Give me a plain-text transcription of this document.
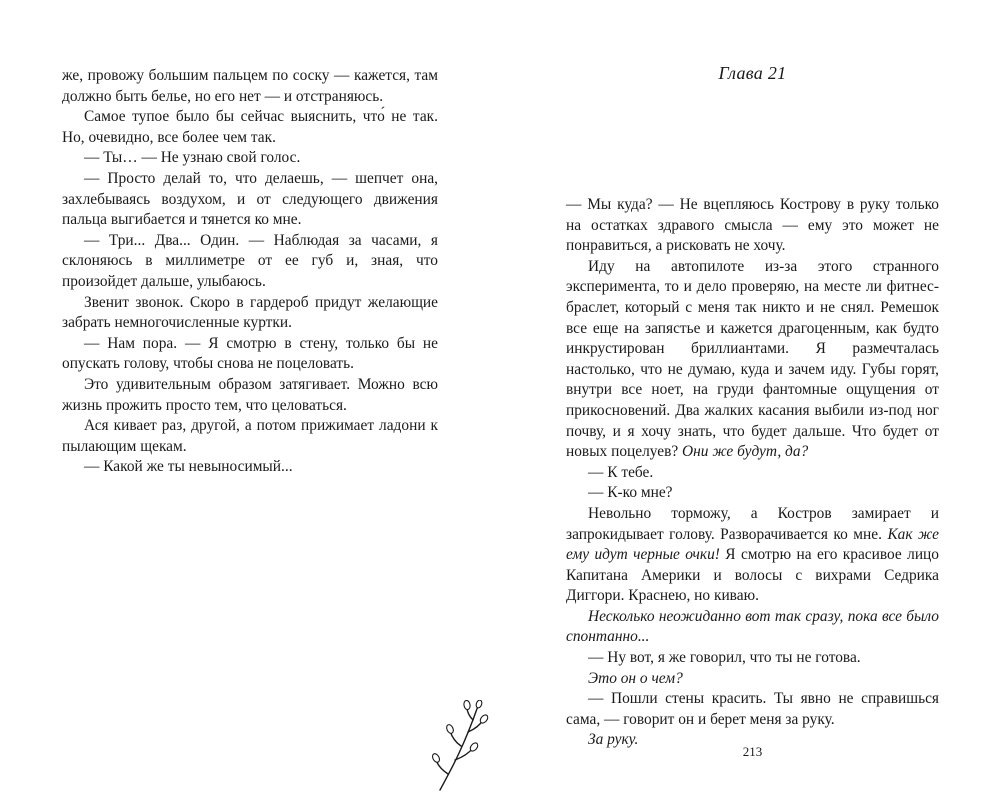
же, провожу большим пальцем по соску — кажется, там должно быть белье, но его нет — и отстраняюсь.

Самое тупое было бы сейчас выяснить, что́ не так. Но, очевидно, все более чем так.

— Ты… — Не узнаю свой голос.

— Просто делай то, что делаешь, — шепчет она, захлебываясь воздухом, и от следующего движения пальца выгибается и тянется ко мне.

— Три... Два... Один. — Наблюдая за часами, я склоняюсь в миллиметре от ее губ и, зная, что произойдет дальше, улыбаюсь.

Звенит звонок. Скоро в гардероб придут желающие забрать немногочисленные куртки.

— Нам пора. — Я смотрю в стену, только бы не опускать голову, чтобы снова не поцеловать.

Это удивительным образом затягивает. Можно всю жизнь прожить просто тем, что целоваться.

Ася кивает раз, другой, а потом прижимает ладони к пылающим щекам.

— Какой же ты невыносимый...

Глава 21

— Мы куда? — Не вцепляюсь Кострову в руку только на остатках здравого смысла — ему это может не понравиться, а рисковать не хочу.

Иду на автопилоте из-за этого странного эксперимента, то и дело проверяю, на месте ли фитнес-браслет, который с меня так никто и не снял. Ремешок все еще на запястье и кажется драгоценным, как будто инкрустирован бриллиантами. Я размечталась настолько, что не думаю, куда и зачем иду. Губы горят, внутри все ноет, на груди фантомные ощущения от прикосновений. Два жалких касания выбили из-под ног почву, и я хочу знать, что будет дальше. Что будет от новых поцелуев? Они же будут, да?

— К тебе.

— К-ко мне?

Невольно торможу, а Костров замирает и запрокидывает голову. Разворачивается ко мне. Как же ему идут черные очки! Я смотрю на его красивое лицо Капитана Америки и волосы с вихрами Седрика Диггори. Краснею, но киваю.

Несколько неожиданно вот так сразу, пока все было спонтанно...

— Ну вот, я же говорил, что ты не готова.

Это он о чем?

— Пошли стены красить. Ты явно не справишься сама, — говорит он и берет меня за руку.

За руку.

213
